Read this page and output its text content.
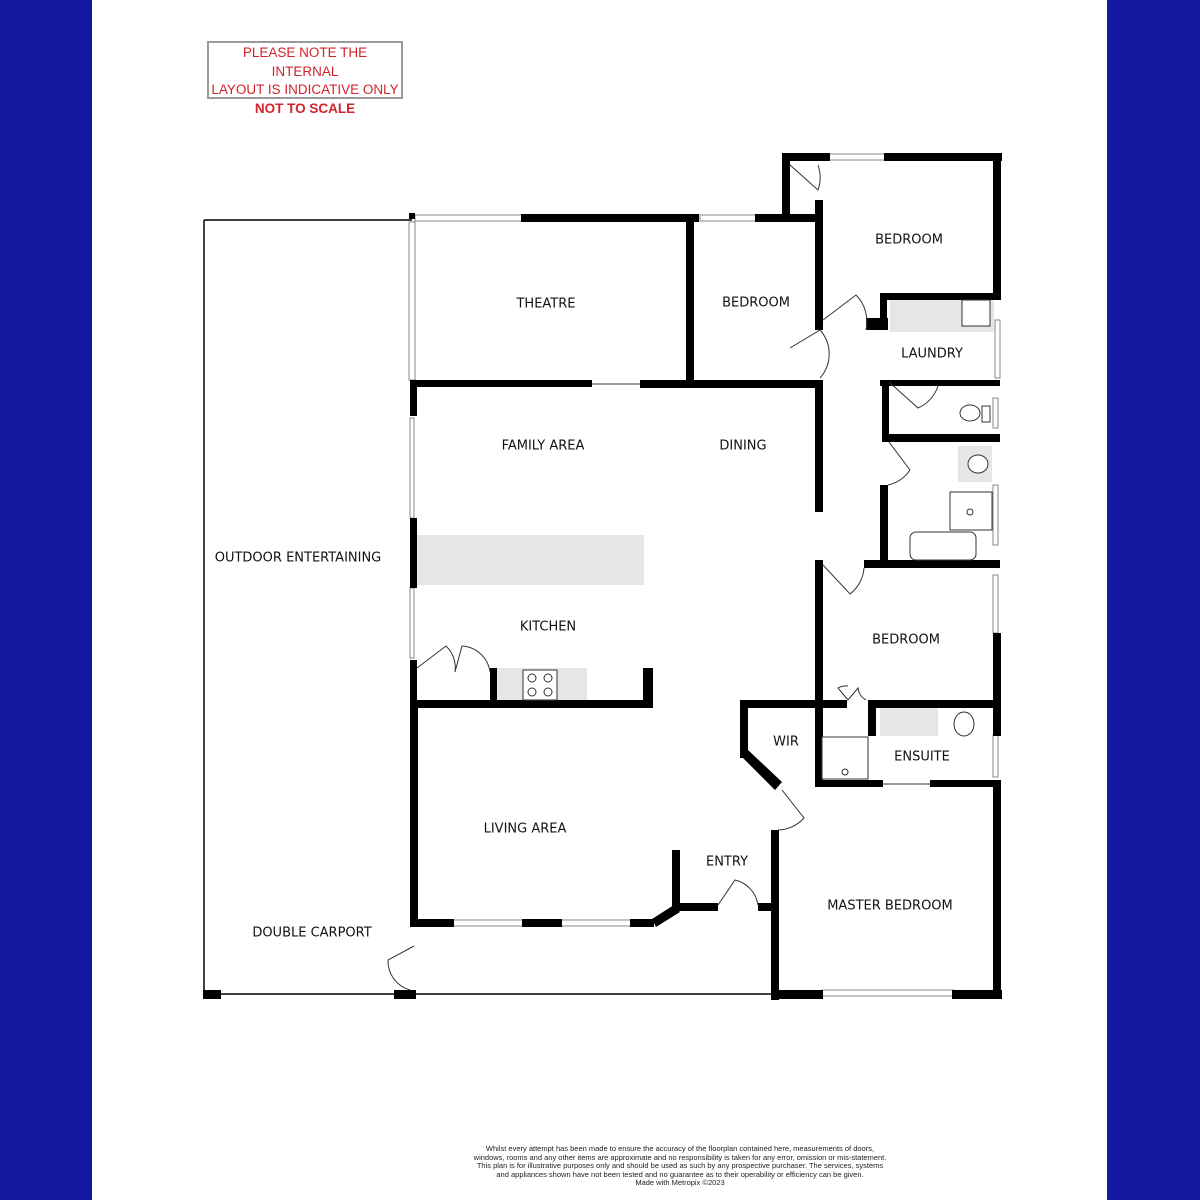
PLEASE NOTE THE INTERNAL
LAYOUT IS INDICATIVE ONLY
NOT TO SCALE
BEDROOM
THEATRE	BEDROOM
LAUNDRY
FAMILY AREA	DINING
OUTDOOR ENTERTAINING
KITCHEN
BEDROOM
WIR
ENSUITE
LIVING AREA
ENTRY
MASTER BEDROOM
DOUBLE CARPORT
Whilst every attempt has been made to ensure the accuracy of the floorplan contained here, measurements of doors, windows, rooms and any other items are approximate and no responsibility is taken for any error, omission or mis-statement. This plan is for illustrative purposes only and should be used as such by any prospective purchaser. The services, systems and appliances shown have not been tested and no guarantee as to their operability or efficiency can be given.
Made with Metropix ©2023
